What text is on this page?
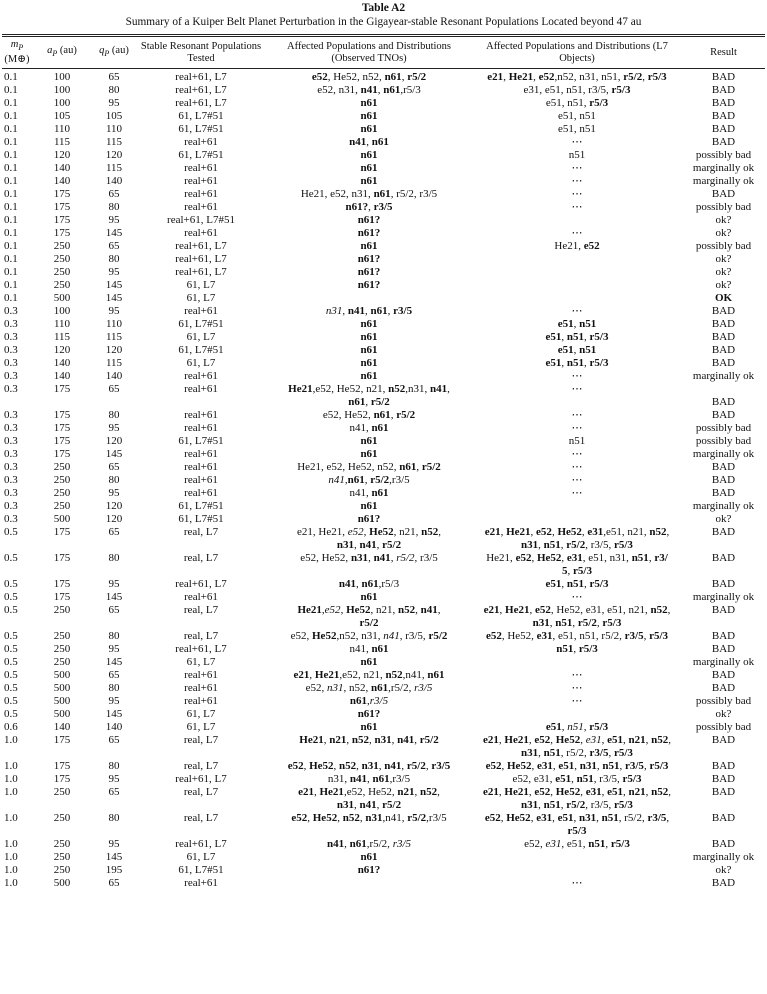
Table A2
Summary of a Kuiper Belt Planet Perturbation in the Gigayear-stable Resonant Populations Located beyond 47 au
$m_P$ (M⊕)	$a_P$ (au)	$q_P$ (au)	Stable Resonant Populations Tested	Affected Populations and Distributions (Observed TNOs)	Affected Populations and Distributions (L7 Objects)	Result

0.1	100	65	real+61, L7	e52, He52, n52, n61, r5/2	e21, He21, e52,n52, n31, n51, r5/2, r5/3	BAD
0.1	100	80	real+61, L7	e52, n31, n41, n61,r5/3	e31, e51, n51, r3/5, r5/3	BAD
0.1	100	95	real+61, L7	n61	e51, n51, r5/3	BAD
0.1	105	105	61, L7#51	n61	e51, n51	BAD
0.1	110	110	61, L7#51	n61	e51, n51	BAD
0.1	115	115	real+61	n41, n61	⋯	BAD
0.1	120	120	61, L7#51	n61	n51	possibly bad
0.1	140	115	real+61	n61	⋯	marginally ok
0.1	140	140	real+61	n61	⋯	marginally ok
0.1	175	65	real+61	He21, e52, n31, n61, r5/2, r3/5	⋯	BAD
0.1	175	80	real+61	n61?, r3/5	⋯	possibly bad
0.1	175	95	real+61, L7#51	n61?		ok?
0.1	175	145	real+61	n61?	⋯	ok?
0.1	250	65	real+61, L7	n61	He21, e52	possibly bad
0.1	250	80	real+61, L7	n61?		ok?
0.1	250	95	real+61, L7	n61?		ok?
0.1	250	145	61, L7	n61?		ok?
0.1	500	145	61, L7			OK
0.3	100	95	real+61	n31, n41, n61, r3/5	⋯	BAD
0.3	110	110	61, L7#51	n61	e51, n51	BAD
0.3	115	115	61, L7	n61	e51, n51, r5/3	BAD
0.3	120	120	61, L7#51	n61	e51, n51	BAD
0.3	140	115	61, L7	n61	e51, n51, r5/3	BAD
0.3	140	140	real+61	n61	⋯	marginally ok
0.3	175	65	real+61	He21,e52, He52, n21, n52,n31, n41,
n61, r5/2	⋯	BAD
0.3	175	80	real+61	e52, He52, n61, r5/2	⋯	BAD
0.3	175	95	real+61	n41, n61	⋯	possibly bad
0.3	175	120	61, L7#51	n61	n51	possibly bad
0.3	175	145	real+61	n61	⋯	marginally ok
0.3	250	65	real+61	He21, e52, He52, n52, n61, r5/2	⋯	BAD
0.3	250	80	real+61	n41,n61, r5/2,r3/5	⋯	BAD
0.3	250	95	real+61	n41, n61	⋯	BAD
0.3	250	120	61, L7#51	n61		marginally ok
0.3	500	120	61, L7#51	n61?		ok?
0.5	175	65	real, L7	e21, He21, e52, He52, n21, n52,
n31, n41, r5/2	e21, He21, e52, He52, e31,e51, n21, n52,
n31, n51, r5/2, r3/5, r5/3	BAD
0.5	175	80	real, L7	e52, He52, n31, n41, r5/2, r3/5	He21, e52, He52, e31, e51, n31, n51, r3/
5, r5/3	BAD
0.5	175	95	real+61, L7	n41, n61,r5/3	e51, n51, r5/3	BAD
0.5	175	145	real+61	n61	⋯	marginally ok
0.5	250	65	real, L7	He21,e52, He52, n21, n52, n41,
r5/2	e21, He21, e52, He52, e31, e51, n21, n52,
n31, n51, r5/2, r5/3	BAD
0.5	250	80	real, L7	e52, He52,n52, n31, n41, r3/5, r5/2	e52, He52, e31, e51, n51, r5/2, r3/5, r5/3	BAD
0.5	250	95	real+61, L7	n41, n61	n51, r5/3	BAD
0.5	250	145	61, L7	n61		marginally ok
0.5	500	65	real+61	e21, He21,e52, n21, n52,n41, n61	⋯	BAD
0.5	500	80	real+61	e52, n31, n52, n61,r5/2, r3/5	⋯	BAD
0.5	500	95	real+61	n61,r3/5	⋯	possibly bad
0.5	500	145	61, L7	n61?		ok?
0.6	140	140	61, L7	n61	e51, n51, r5/3	possibly bad
1.0	175	65	real, L7	He21, n21, n52, n31, n41, r5/2	e21, He21, e52, He52, e31, e51, n21, n52,
n31, n51, r5/2, r3/5, r5/3	BAD
1.0	175	80	real, L7	e52, He52, n52, n31, n41, r5/2, r3/5	e52, He52, e31, e51, n31, n51, r3/5, r5/3	BAD
1.0	175	95	real+61, L7	n31, n41, n61,r3/5	e52, e31, e51, n51, r3/5, r5/3	BAD
1.0	250	65	real, L7	e21, He21,e52, He52, n21, n52,
n31, n41, r5/2	e21, He21, e52, He52, e31, e51, n21, n52,
n31, n51, r5/2, r3/5, r5/3	BAD
1.0	250	80	real, L7	e52, He52, n52, n31,n41, r5/2,r3/5	e52, He52, e31, e51, n31, n51, r5/2, r3/5,
r5/3	BAD
1.0	250	95	real+61, L7	n41, n61,r5/2, r3/5	e52, e31, e51, n51, r5/3	BAD
1.0	250	145	61, L7	n61		marginally ok
1.0	250	195	61, L7#51	n61?		ok?
1.0	500	65	real+61		⋯	BAD
